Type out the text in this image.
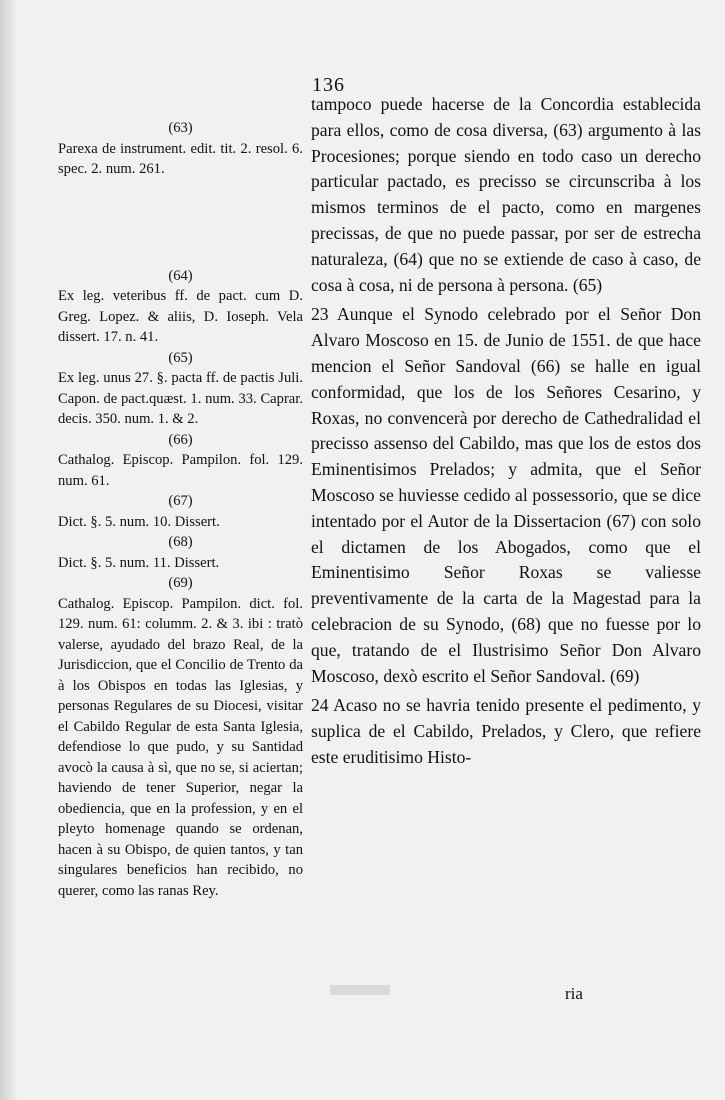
136

(63)

Parexa de instrument. edit. tit. 2. resol. 6. spec. 2. num. 261.

(64)

Ex leg. veteribus ff. de pact. cum D. Greg. Lopez. & aliis, D. Ioseph. Vela dissert. 17. n. 41.

(65)

Ex leg. unus 27. §. pacta ff. de pactis Juli. Capon. de pact.quæst. 1. num. 33. Caprar. decis. 350. num. 1. & 2.

(66)

Cathalog. Episcop. Pampilon. fol. 129. num. 61.

(67)

Dict. §. 5. num. 10. Dissert.

(68)

Dict. §. 5. num. 11. Dissert.

(69)

Cathalog. Episcop. Pampilon. dict. fol. 129. num. 61: columm. 2. & 3. ibi : tratò valerse, ayudado del brazo Real, de la Jurisdiccion, que el Concilio de Trento da à los Obispos en todas las Iglesias, y personas Regulares de su Diocesi, visitar el Cabildo Regular de esta Santa Iglesia, defendiose lo que pudo, y su Santidad avocò la causa à sì, que no se, si aciertan; haviendo de tener Superior, negar la obediencia, que en la profession, y en el pleyto homenage quando se ordenan, hacen à su Obispo, de quien tantos, y tan singulares beneficios han recibido, no querer, como las ranas Rey.

tampoco puede hacerse de la Concordia establecida para ellos, como de cosa diversa, (63) argumento à las Procesiones; porque siendo en todo caso un derecho particular pactado, es precisso se circunscriba à los mismos terminos de el pacto, como en margenes precissas, de que no puede passar, por ser de estrecha naturaleza, (64) que no se extiende de caso à caso, de cosa à cosa, ni de persona à persona. (65)

23 Aunque el Synodo celebrado por el Señor Don Alvaro Moscoso en 15. de Junio de 1551. de que hace mencion el Señor Sandoval (66) se halle en igual conformidad, que los de los Señores Cesarino, y Roxas, no convencerà por derecho de Cathedralidad el precisso assenso del Cabildo, mas que los de estos dos Eminentisimos Prelados; y admita, que el Señor Moscoso se huviesse cedido al possessorio, que se dice intentado por el Autor de la Dissertacion (67) con solo el dictamen de los Abogados, como que el Eminentisimo Señor Roxas se valiesse preventivamente de la carta de la Magestad para la celebracion de su Synodo, (68) que no fuesse por lo que, tratando de el Ilustrisimo Señor Don Alvaro Moscoso, dexò escrito el Señor Sandoval. (69)

24 Acaso no se havria tenido presente el pedimento, y suplica de el Cabildo, Prelados, y Clero, que refiere este eruditisimo Histo-

ria
